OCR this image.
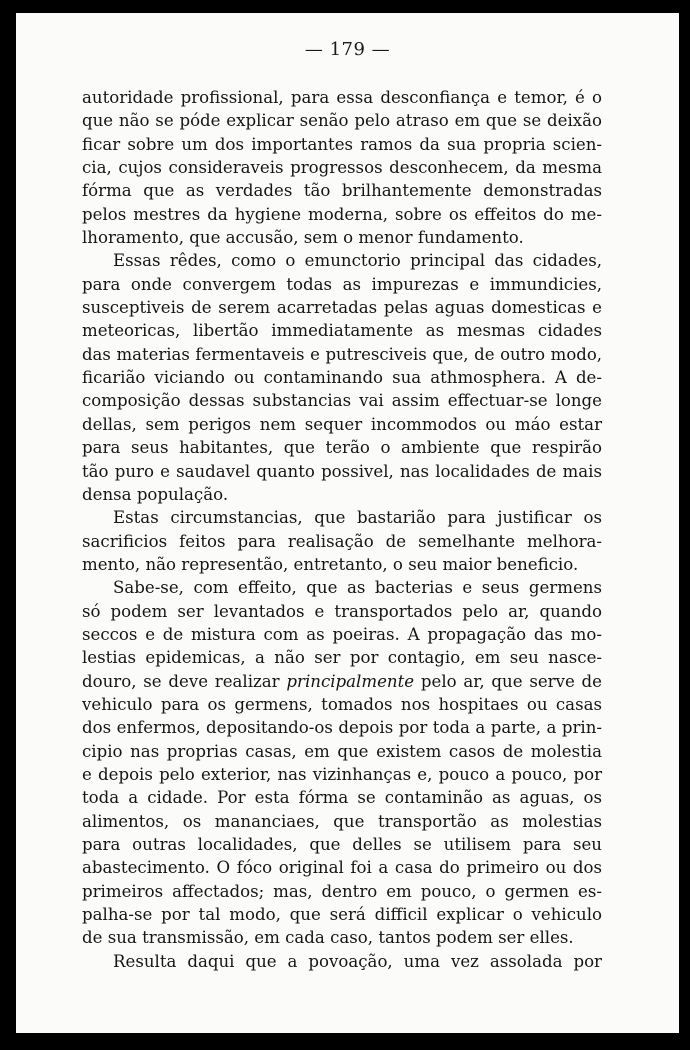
— 179 —
autoridade profissional, para essa desconfiança e temor, é o
que não se póde explicar senão pelo atraso em que se deixão
ficar sobre um dos importantes ramos da sua propria scien-
cia, cujos consideraveis progressos desconhecem, da mesma
fórma que as verdades tão brilhantemente demonstradas
pelos mestres da hygiene moderna, sobre os effeitos do me-
lhoramento, que accusão, sem o menor fundamento.
Essas rêdes, como o emunctorio principal das cidades,
para onde convergem todas as impurezas e immundicies,
susceptiveis de serem acarretadas pelas aguas domesticas e
meteoricas, libertão immediatamente as mesmas cidades
das materias fermentaveis e putresciveis que, de outro modo,
ficarião viciando ou contaminando sua athmosphera. A de-
composição dessas substancias vai assim effectuar-se longe
dellas, sem perigos nem sequer incommodos ou máo estar
para seus habitantes, que terão o ambiente que respirão
tão puro e saudavel quanto possivel, nas localidades de mais
densa população.
Estas circumstancias, que bastarião para justificar os
sacrificios feitos para realisação de semelhante melhora-
mento, não representão, entretanto, o seu maior beneficio.
Sabe-se, com effeito, que as bacterias e seus germens
só podem ser levantados e transportados pelo ar, quando
seccos e de mistura com as poeiras. A propagação das mo-
lestias epidemicas, a não ser por contagio, em seu nasce-
douro, se deve realizar principalmente pelo ar, que serve de
vehiculo para os germens, tomados nos hospitaes ou casas
dos enfermos, depositando-os depois por toda a parte, a prin-
cipio nas proprias casas, em que existem casos de molestia
e depois pelo exterior, nas vizinhanças e, pouco a pouco, por
toda a cidade. Por esta fórma se contaminão as aguas, os
alimentos, os mananciaes, que transportão as molestias
para outras localidades, que delles se utilisem para seu
abastecimento. O fóco original foi a casa do primeiro ou dos
primeiros affectados; mas, dentro em pouco, o germen es-
palha-se por tal modo, que será difficil explicar o vehiculo
de sua transmissão, em cada caso, tantos podem ser elles.
Resulta daqui que a povoação, uma vez assolada por
